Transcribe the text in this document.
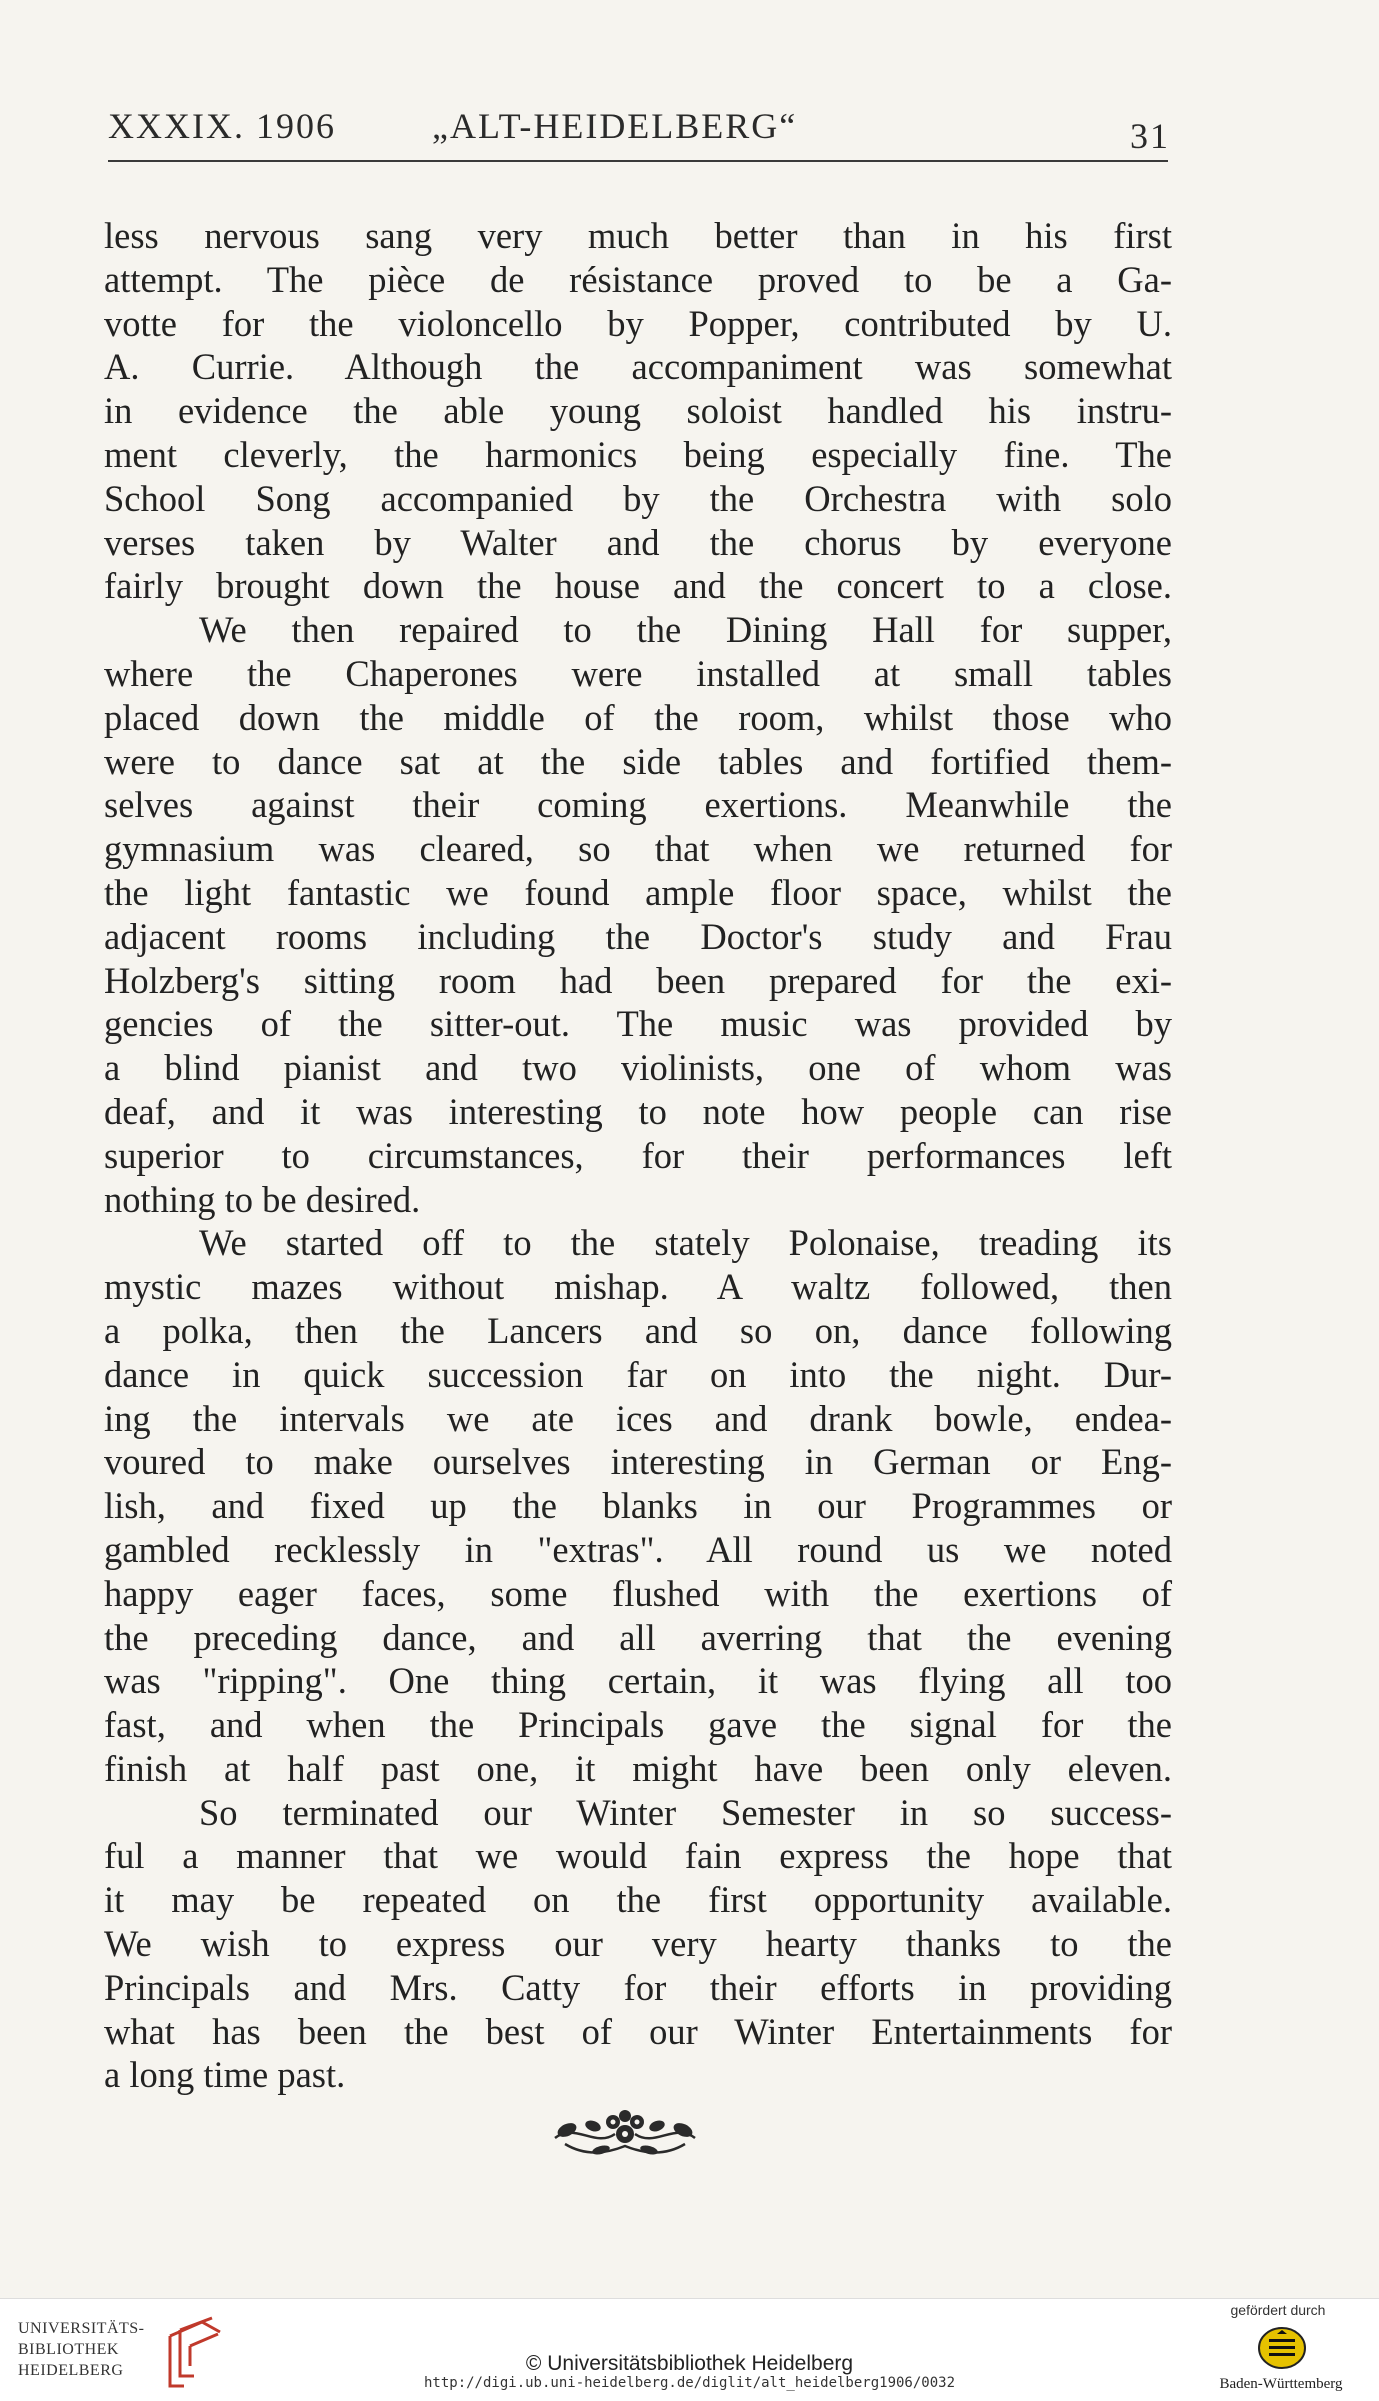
XXXIX. 1906	„ALT-HEIDELBERG“	31
less nervous sang very much better than in his first
attempt. The pièce de résistance proved to be a Ga-
votte for the violoncello by Popper, contributed by U.
A. Currie. Although the accompaniment was somewhat
in evidence the able young soloist handled his instru-
ment cleverly, the harmonics being especially fine. The
School Song accompanied by the Orchestra with solo
verses taken by Walter and the chorus by everyone
fairly brought down the house and the concert to a close.
We then repaired to the Dining Hall for supper,
where the Chaperones were installed at small tables
placed down the middle of the room, whilst those who
were to dance sat at the side tables and fortified them-
selves against their coming exertions. Meanwhile the
gymnasium was cleared, so that when we returned for
the light fantastic we found ample floor space, whilst the
adjacent rooms including the Doctor's study and Frau
Holzberg's sitting room had been prepared for the exi-
gencies of the sitter-out. The music was provided by
a blind pianist and two violinists, one of whom was
deaf, and it was interesting to note how people can rise
superior to circumstances, for their performances left
nothing to be desired.
We started off to the stately Polonaise, treading its
mystic mazes without mishap. A waltz followed, then
a polka, then the Lancers and so on, dance following
dance in quick succession far on into the night. Dur-
ing the intervals we ate ices and drank bowle, endea-
voured to make ourselves interesting in German or Eng-
lish, and fixed up the blanks in our Programmes or
gambled recklessly in "extras". All round us we noted
happy eager faces, some flushed with the exertions of
the preceding dance, and all averring that the evening
was "ripping". One thing certain, it was flying all too
fast, and when the Principals gave the signal for the
finish at half past one, it might have been only eleven.
So terminated our Winter Semester in so success-
ful a manner that we would fain express the hope that
it may be repeated on the first opportunity available.
We wish to express our very hearty thanks to the
Principals and Mrs. Catty for their efforts in providing
what has been the best of our Winter Entertainments for
a long time past.
UNIVERSITÄTS-
BIBLIOTHEK
HEIDELBERG	© Universitätsbibliothek Heidelberg
http://digi.ub.uni-heidelberg.de/diglit/alt_heidelberg1906/0032
gefördert durch
Baden-Württemberg
